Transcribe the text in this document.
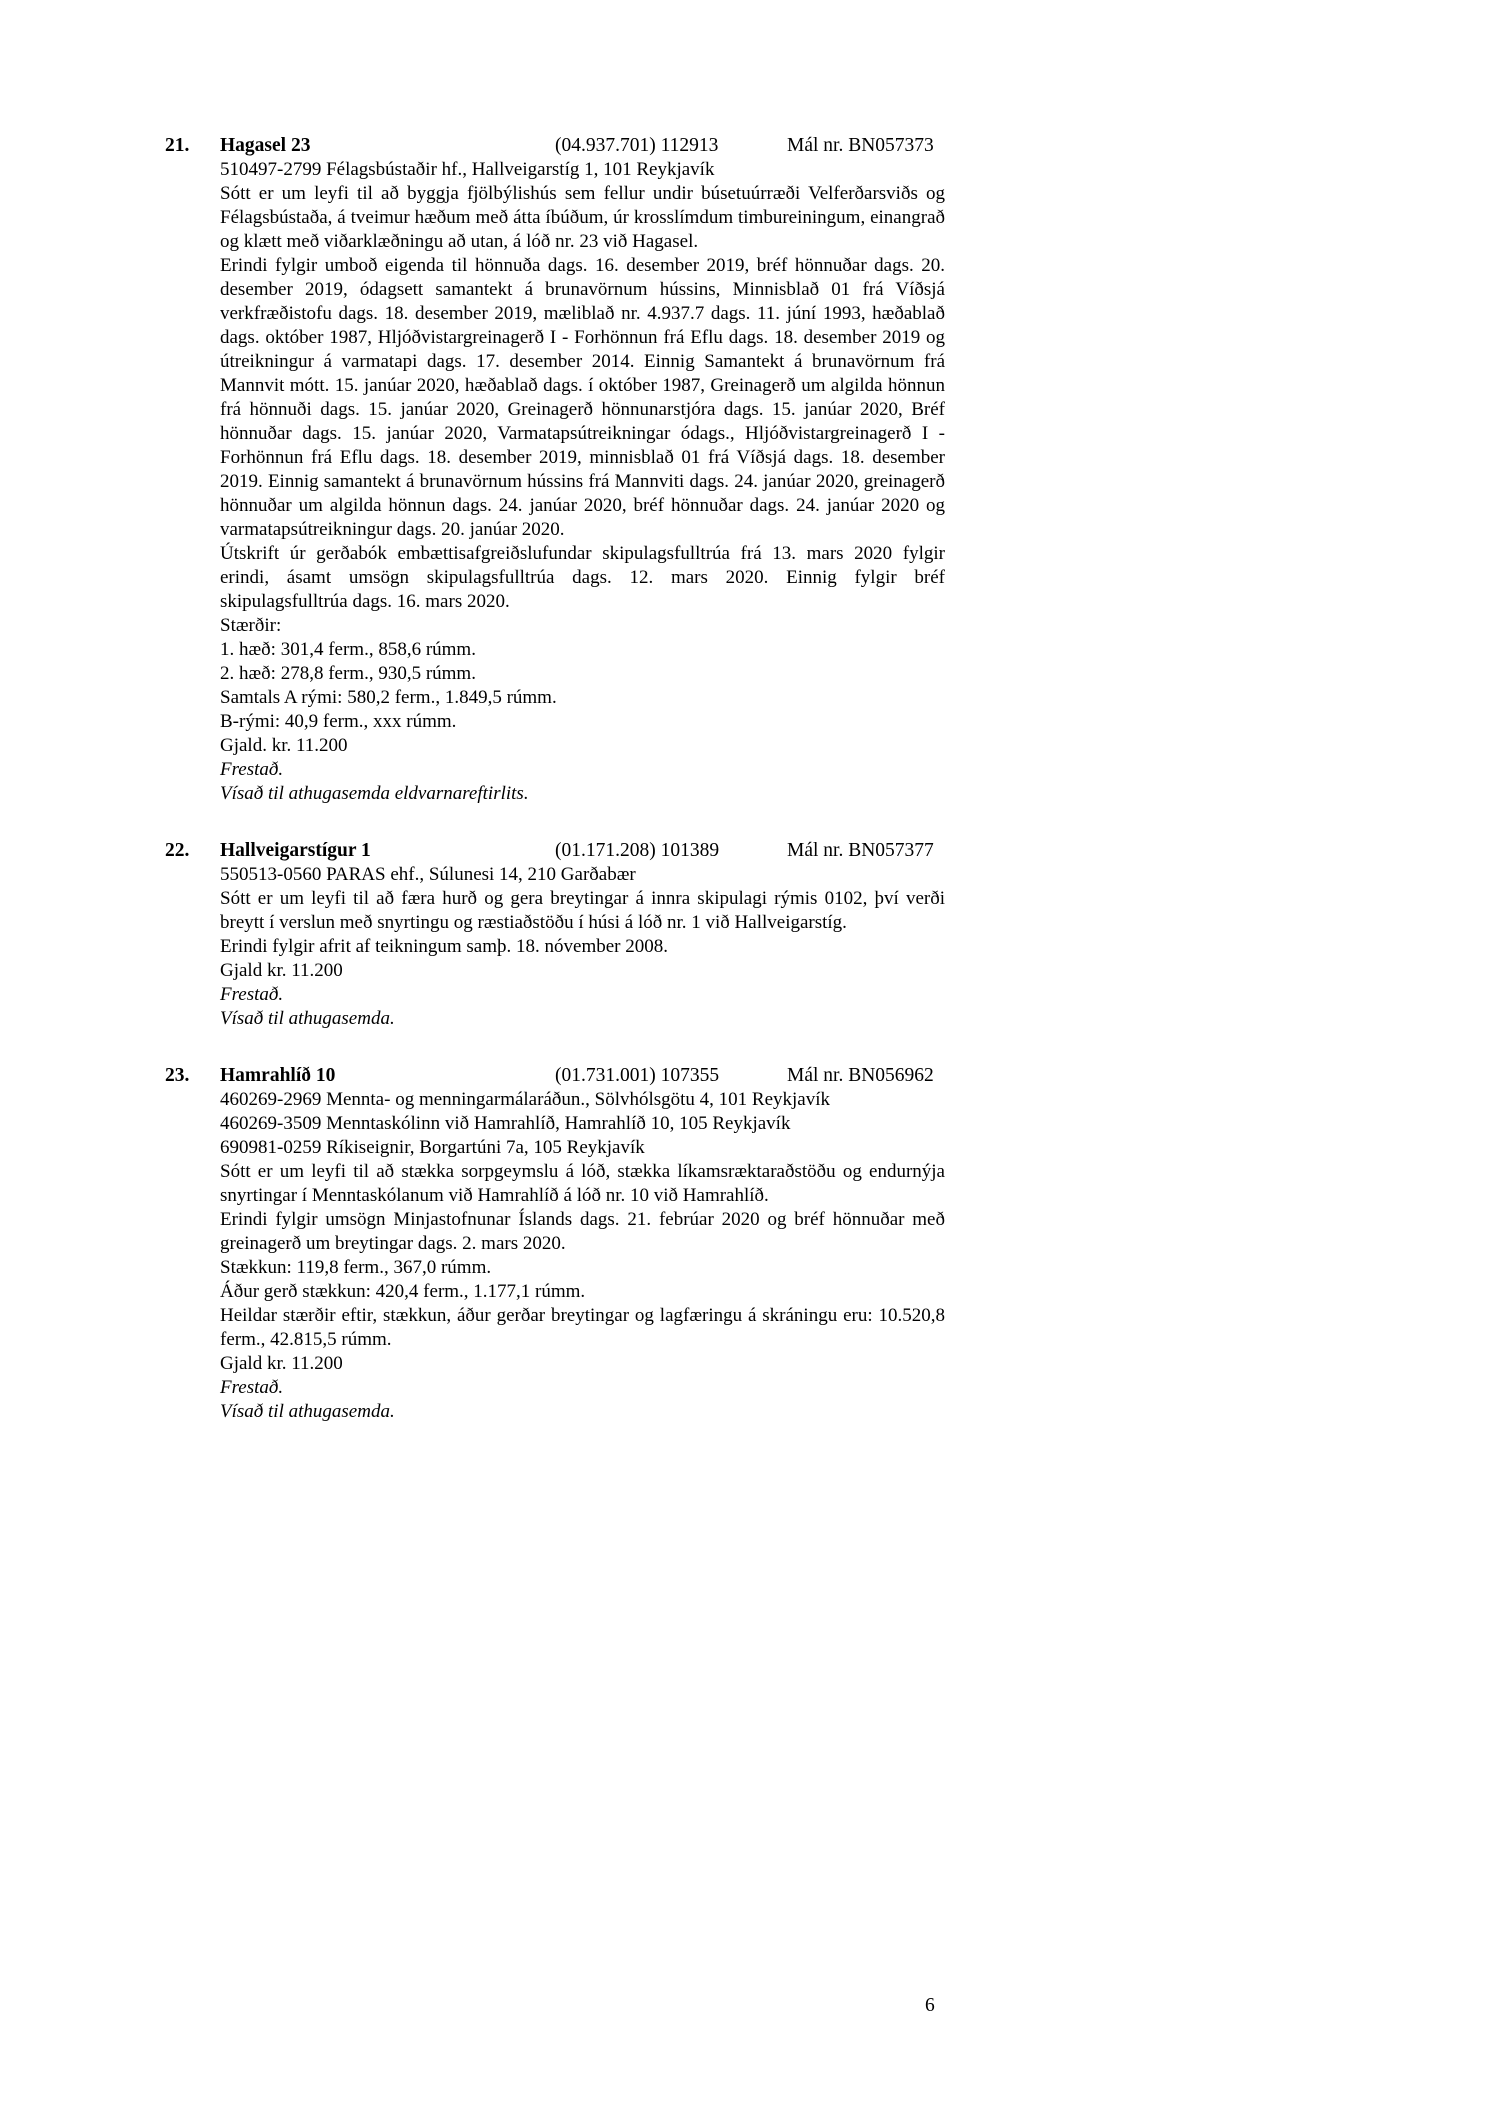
21.	Hagasel 23	(04.937.701) 112913	Mál nr. BN057373

510497-2799 Félagsbústaðir hf., Hallveigarstíg 1, 101 Reykjavík

Sótt er um leyfi til að byggja fjölbýlishús sem fellur undir búsetuúrræði Velferðarsviðs og Félagsbústaða, á tveimur hæðum með átta íbúðum, úr krosslímdum timbureiningum, einangrað og klætt með viðarklæðningu að utan, á lóð nr. 23 við Hagasel.

Erindi fylgir umboð eigenda til hönnuða dags. 16. desember 2019, bréf hönnuðar dags. 20. desember 2019, ódagsett samantekt á brunavörnum hússins, Minnisblað 01 frá Víðsjá verkfræðistofu dags. 18. desember 2019, mæliblað nr. 4.937.7 dags. 11. júní 1993, hæðablað dags. október 1987, Hljóðvistargreinagerð I - Forhönnun frá Eflu dags. 18. desember 2019 og útreikningur á varmatapi dags. 17. desember 2014. Einnig Samantekt á brunavörnum frá Mannvit mótt. 15. janúar 2020, hæðablað dags. í október 1987, Greinagerð um algilda hönnun frá hönnuði dags. 15. janúar 2020, Greinagerð hönnunarstjóra dags. 15. janúar 2020, Bréf hönnuðar dags. 15. janúar 2020, Varmatapsútreikningar ódags., Hljóðvistargreinagerð I - Forhönnun frá Eflu dags. 18. desember 2019, minnisblað 01 frá Víðsjá dags. 18. desember 2019. Einnig samantekt á brunavörnum hússins frá Mannviti dags. 24. janúar 2020, greinagerð hönnuðar um algilda hönnun dags. 24. janúar 2020, bréf hönnuðar dags. 24. janúar 2020 og varmatapsútreikningur dags. 20. janúar 2020.

Útskrift úr gerðabók embættisafgreiðslufundar skipulagsfulltrúa frá 13. mars 2020 fylgir erindi, ásamt umsögn skipulagsfulltrúa dags. 12. mars 2020. Einnig fylgir bréf skipulagsfulltrúa dags. 16. mars 2020.

Stærðir:

1. hæð: 301,4 ferm., 858,6 rúmm.

2. hæð: 278,8 ferm., 930,5 rúmm.

Samtals A rými: 580,2 ferm., 1.849,5 rúmm.

B-rými: 40,9 ferm., xxx rúmm.

Gjald. kr. 11.200

Frestað.

Vísað til athugasemda eldvarnareftirlits.

22.	Hallveigarstígur 1	(01.171.208) 101389	Mál nr. BN057377

550513-0560 PARAS ehf., Súlunesi 14, 210 Garðabær

Sótt er um leyfi til að færa hurð og gera breytingar á innra skipulagi rýmis 0102, því verði breytt í verslun með snyrtingu og ræstiaðstöðu í húsi á lóð nr. 1 við Hallveigarstíg.

Erindi fylgir afrit af teikningum samþ. 18. nóvember 2008.

Gjald kr. 11.200

Frestað.

Vísað til athugasemda.

23.	Hamrahlíð 10	(01.731.001) 107355	Mál nr. BN056962

460269-2969 Mennta- og menningarmálaráðun., Sölvhólsgötu 4, 101 Reykjavík

460269-3509 Menntaskólinn við Hamrahlíð, Hamrahlíð 10, 105 Reykjavík

690981-0259 Ríkiseignir, Borgartúni 7a, 105 Reykjavík

Sótt er um leyfi til að stækka sorpgeymslu á lóð, stækka líkamsræktaraðstöðu og endurnýja snyrtingar í Menntaskólanum við Hamrahlíð á lóð nr. 10 við Hamrahlíð.

Erindi fylgir umsögn Minjastofnunar Íslands dags. 21. febrúar 2020 og bréf hönnuðar með greinagerð um breytingar dags. 2. mars 2020.

Stækkun: 119,8 ferm., 367,0 rúmm.

Áður gerð stækkun: 420,4 ferm., 1.177,1 rúmm.

Heildar stærðir eftir, stækkun, áður gerðar breytingar og lagfæringu á skráningu eru: 10.520,8 ferm., 42.815,5 rúmm.

Gjald kr. 11.200

Frestað.

Vísað til athugasemda.

6
